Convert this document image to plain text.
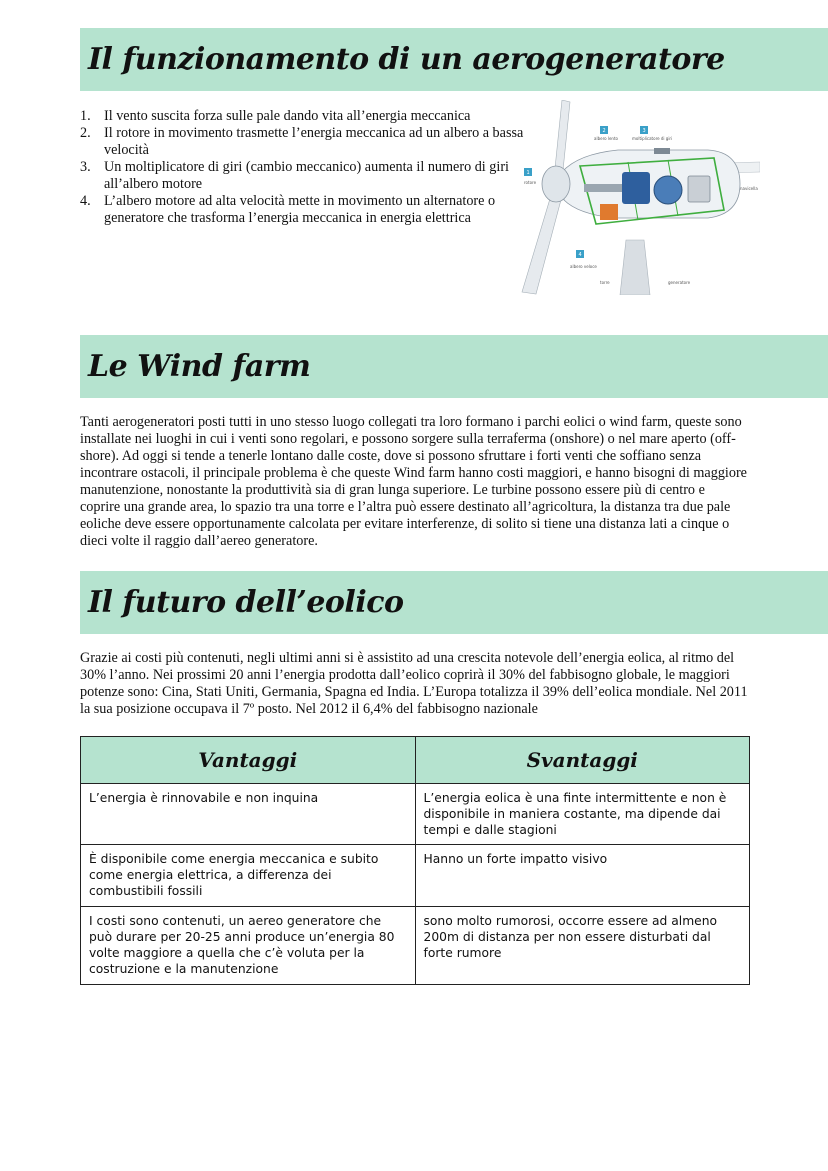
Il funzionamento di un aerogeneratore
1. Il vento suscita forza sulle pale dando vita all’energia meccanica
2. Il rotore in movimento trasmette l’energia meccanica ad un albero a bassa velocità
3. Un moltiplicatore di giri (cambio meccanico) aumenta il numero di giri all’albero motore
4. L’albero motore ad alta velocità mette in movimento un alternatore o generatore che trasforma l’energia meccanica in energia elettrica
2	3
1
4
albero lento	moltiplicatore di giri
navicella
rotore
albero veloce
torre	generatore
Le Wind farm

Tanti aerogeneratori posti tutti in uno stesso luogo collegati tra loro formano i parchi eolici o wind farm, queste sono installate nei luoghi in cui i venti sono regolari, e possono sorgere sulla terraferma (onshore) o nel mare aperto (off-shore). Ad oggi si tende a tenerle lontano dalle coste, dove si possono sfruttare i forti venti che soffiano senza incontrare ostacoli, il principale problema è che queste Wind farm hanno costi maggiori, e hanno bisogni di maggiore manutenzione, nonostante la produttività sia di gran lunga superiore. Le turbine possono essere più di centro e coprire una grande area, lo spazio tra una torre e l’altra può essere destinato all’agricoltura, la distanza tra due pale eoliche deve essere opportunamente calcolata per evitare interferenze, di solito si tiene una distanza lati a cinque o dieci volte il raggio dall’aereo generatore.

Il futuro dell’eolico

Grazie ai costi più contenuti, negli ultimi anni si è assistito ad una crescita notevole dell’energia eolica, al ritmo del 30% l’anno. Nei prossimi 20 anni l’energia prodotta dall’eolico coprirà il 30% del fabbisogno globale, le maggiori potenze sono: Cina, Stati Uniti, Germania, Spagna ed India. L’Europa totalizza il 39% dell’eolica mondiale. Nel 2011 la sua posizione occupava il 7º posto. Nel 2012 il 6,4% del fabbisogno nazionale

Vantaggi	Svantaggi
L’energia è rinnovabile e non inquina	L’energia eolica è una finte intermittente e non è disponibile in maniera costante, ma dipende dai tempi e dalle stagioni
È disponibile come energia meccanica e subito come energia elettrica, a differenza dei combustibili fossili	Hanno un forte impatto visivo
I costi sono contenuti, un aereo generatore che può durare per 20-25 anni produce un’energia 80 volte maggiore a quella che c’è voluta per la costruzione e la manutenzione	sono molto rumorosi, occorre essere ad almeno 200m di distanza per non essere disturbati dal forte rumore
